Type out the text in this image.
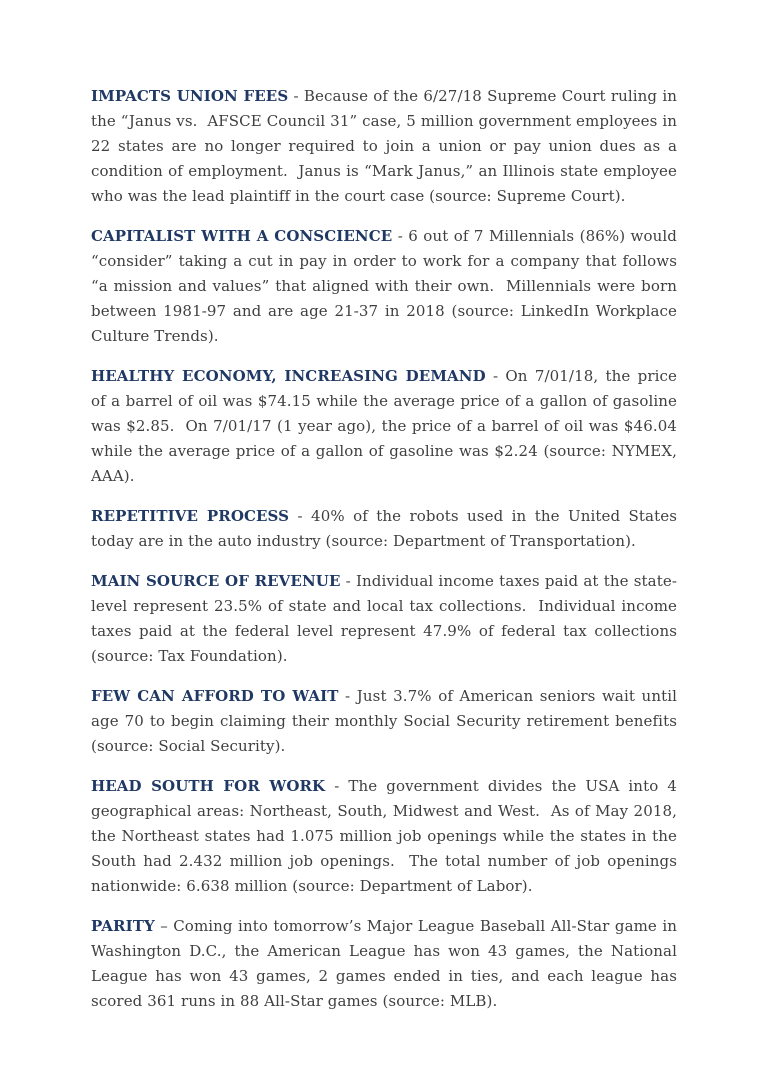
IMPACTS UNION FEES - Because of the 6/27/18 Supreme Court ruling in the “Janus vs.  AFSCE Council 31” case, 5 million government employees in 22 states are no longer required to join a union or pay union dues as a condition of employment.  Janus is “Mark Janus,” an Illinois state employee who was the lead plaintiff in the court case (source: Supreme Court).

CAPITALIST WITH A CONSCIENCE - 6 out of 7 Millennials (86%) would “consider” taking a cut in pay in order to work for a company that follows “a mission and values” that aligned with their own.  Millennials were born between 1981-97 and are age 21-37 in 2018 (source: LinkedIn Workplace Culture Trends).

HEALTHY ECONOMY, INCREASING DEMAND - On 7/01/18, the price of a barrel of oil was $74.15 while the average price of a gallon of gasoline was $2.85.  On 7/01/17 (1 year ago), the price of a barrel of oil was $46.04 while the average price of a gallon of gasoline was $2.24 (source: NYMEX, AAA).

REPETITIVE PROCESS - 40% of the robots used in the United States today are in the auto industry (source: Department of Transportation).

MAIN SOURCE OF REVENUE - Individual income taxes paid at the state-level represent 23.5% of state and local tax collections.  Individual income taxes paid at the federal level represent 47.9% of federal tax collections (source: Tax Foundation).

FEW CAN AFFORD TO WAIT - Just 3.7% of American seniors wait until age 70 to begin claiming their monthly Social Security retirement benefits (source: Social Security).

HEAD SOUTH FOR WORK - The government divides the USA into 4 geographical areas: Northeast, South, Midwest and West.  As of May 2018, the Northeast states had 1.075 million job openings while the states in the South had 2.432 million job openings.  The total number of job openings nationwide: 6.638 million (source: Department of Labor).

PARITY – Coming into tomorrow’s Major League Baseball All-Star game in Washington D.C., the American League has won 43 games, the National League has won 43 games, 2 games ended in ties, and each league has scored 361 runs in 88 All-Star games (source: MLB).
